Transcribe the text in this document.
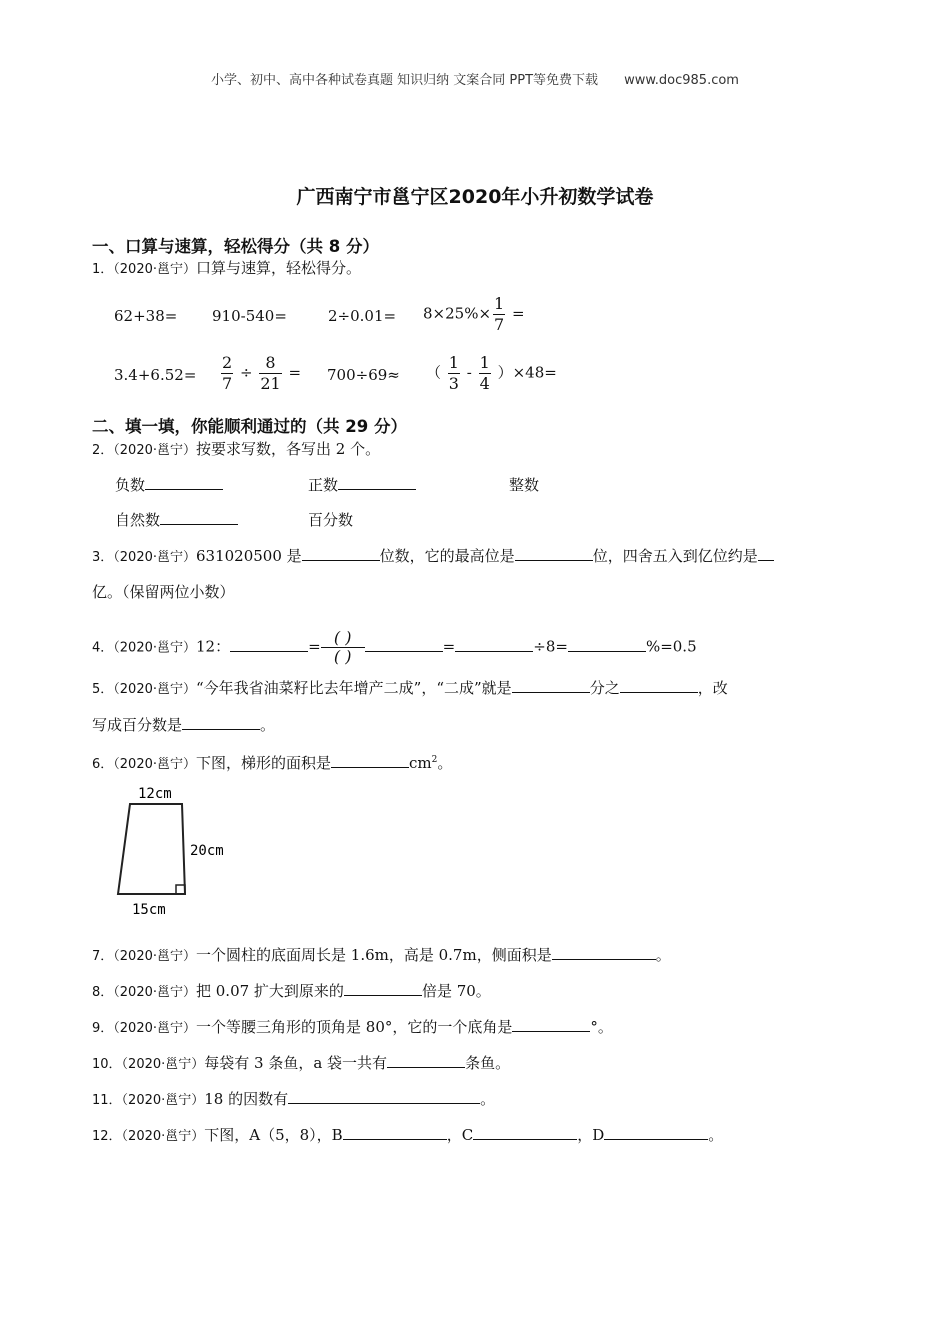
小学、初中、高中各种试卷真题 知识归纳 文案合同 PPT等免费下载 www.doc985.com
广西南宁市邕宁区2020年小升初数学试卷
一、口算与速算，轻松得分（共 8 分）
1．（2020·邕宁）口算与速算，轻松得分。
62+38= 910-540=	$2\div 0.01= 8\times 25\%\times \frac{1}{7}$ =
$3.4+6.52= \frac{2}{7} \div \frac{8}{21} = 700\div 69\approx$ （ $\frac{1}{3} - \frac{1}{4} )\times 48=$
二、填一填，你能顺利通过的（共 29 分）
2．（2020·邕宁）按要求写数，各写出 2 个。
负数	正数	整数
自然数	百分数
3．（2020·邕宁）631020500 是	位数，它的最高位是	位，四舍五入到亿位约是
亿。（保留两位小数）
4．（2020·邕宁）12：	= ( )
( )
=	÷8=	%=0.5
5．（2020·邕宁）“今年我省油菜籽比去年增产二成”，“二成”就是	分之	，改
写成百分数是	。
6．（2020·邕宁）下图，梯形的面积是	$cm^2$。
12cm
20cm
15cm
7．（2020·邕宁）一个圆柱的底面周长是 1.6m，高是 0.7m，侧面积是	。
8．（2020·邕宁）把 0.07 扩大到原来的	倍是 70。
9．（2020·邕宁）一个等腰三角形的顶角是 80°，它的一个底角是	°。
10．（2020·邕宁）每袋有 3 条鱼，a 袋一共有	条鱼。
11．（2020·邕宁）18 的因数有	。
12．（2020·邕宁）下图，A（5，8），B	，C	，D	。
